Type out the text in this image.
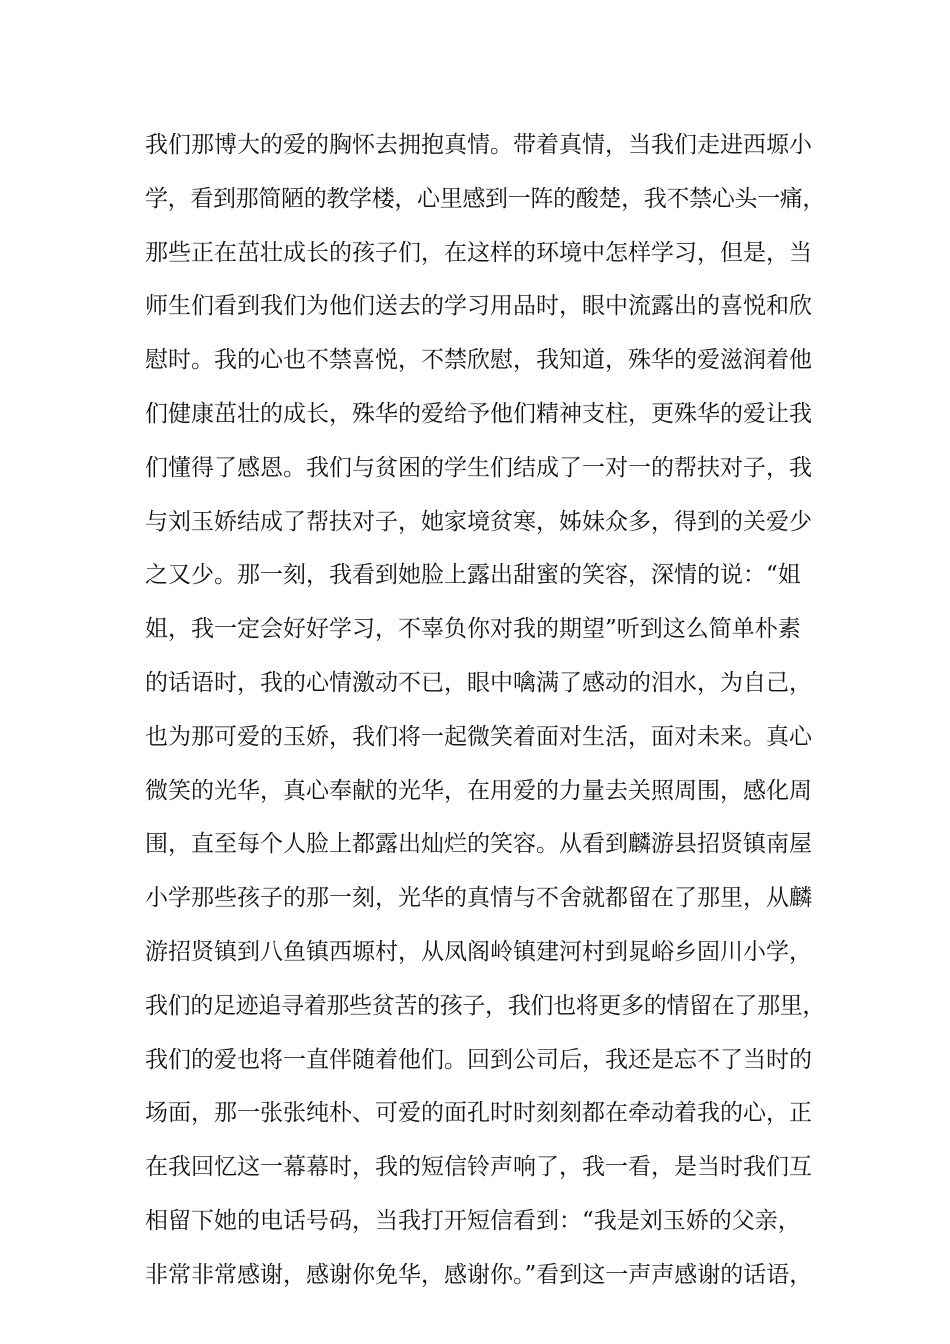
我们那博大的爱的胸怀去拥抱真情。带着真情，当我们走进西塬小
学，看到那简陋的教学楼，心里感到一阵的酸楚，我不禁心头一痛，
那些正在茁壮成长的孩子们，在这样的环境中怎样学习，但是，当
师生们看到我们为他们送去的学习用品时，眼中流露出的喜悦和欣
慰时。我的心也不禁喜悦，不禁欣慰，我知道，殊华的爱滋润着他
们健康茁壮的成长，殊华的爱给予他们精神支柱，更殊华的爱让我
们懂得了感恩。我们与贫困的学生们结成了一对一的帮扶对子，我
与刘玉娇结成了帮扶对子，她家境贫寒，姊妹众多，得到的关爱少
之又少。那一刻，我看到她脸上露出甜蜜的笑容，深情的说：“姐
姐，我一定会好好学习，不辜负你对我的期望”听到这么简单朴素
的话语时，我的心情激动不已，眼中噙满了感动的泪水，为自己，
也为那可爱的玉娇，我们将一起微笑着面对生活，面对未来。真心
微笑的光华，真心奉献的光华，在用爱的力量去关照周围，感化周
围，直至每个人脸上都露出灿烂的笑容。从看到麟游县招贤镇南屋
小学那些孩子的那一刻，光华的真情与不舍就都留在了那里，从麟
游招贤镇到八鱼镇西塬村，从凤阁岭镇建河村到晁峪乡固川小学，
我们的足迹追寻着那些贫苦的孩子，我们也将更多的情留在了那里，
我们的爱也将一直伴随着他们。回到公司后，我还是忘不了当时的
场面，那一张张纯朴、可爱的面孔时时刻刻都在牵动着我的心，正
在我回忆这一幕幕时，我的短信铃声响了，我一看，是当时我们互
相留下她的电话号码，当我打开短信看到：“我是刘玉娇的父亲，
非常非常感谢，感谢你免华，感谢你。”看到这一声声感谢的话语，
